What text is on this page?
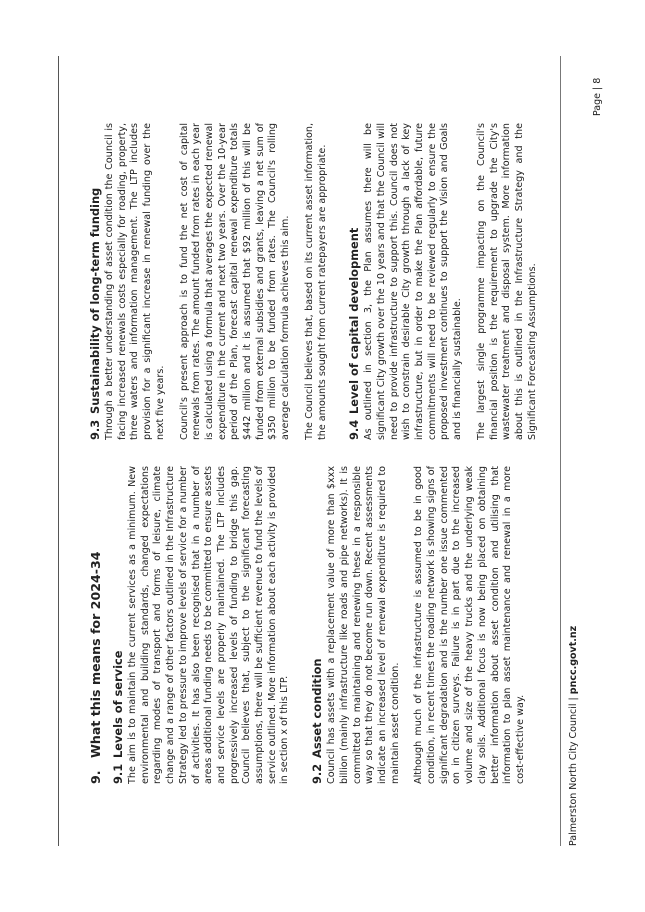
9.What this means for 2024-34
9.1Levels of service The aim is to maintain the current services as a minimum. New environmental and building standards, changed expectations regarding modes of transport and forms of leisure, climate change and a range of other factors outlined in the Infrastructure Strategy led to pressure to improve levels of service for a number of activities. It has also been recognised that in a number of areas additional funding needs to be committed to ensure assets and service levels are properly maintained. The LTP includes progressively increased levels of funding to bridge this gap. Council believes that, subject to the significant forecasting assumptions, there will be sufficient revenue to fund the levels of service outlined. More information about each activity is provided in section x of this LTP. 9.2Asset condition Council has assets with a replacement value of more than $xxx billion (mainly infrastructure like roads and pipe networks). It is committed to maintaining and renewing these in a responsible way so that they do not become run down. Recent assessments indicate an increased level of renewal expenditure is required to maintain asset condition. Although much of the infrastructure is assumed to be in good condition, in recent times the roading network is showing signs of significant degradation and is the number one issue commented on in citizen surveys. Failure is in part due to the increased volume and size of the heavy trucks and the underlying weak clay soils. Additional focus is now being placed on obtaining better information about asset condition and utilising that information to plan asset maintenance and renewal in a more cost-effective way.

9.3Sustainability of long-term funding Through a better understanding of asset condition the Council is facing increased renewals costs especially for roading, property, three waters and information management. The LTP includes provision for a significant increase in renewal funding over the next five years. Council's present approach is to fund the net cost of capital renewals from rates. The amount funded from rates in each year is calculated using a formula that averages the expected renewal expenditure in the current and next two years. Over the 10-year period of the Plan, forecast capital renewal expenditure totals $442 million and it is assumed that $92 million of this will be funded from external subsidies and grants, leaving a net sum of $350 million to be funded from rates. The Council's rolling average calculation formula achieves this aim. The Council believes that, based on its current asset information, the amounts sought from current ratepayers are appropriate. 9.4Level of capital development As outlined in section 3, the Plan assumes there will be significant City growth over the 10 years and that the Council will need to provide infrastructure to support this. Council does not wish to constrain desirable City growth through a lack of key infrastructure, but in order to make the Plan affordable, future commitments will need to be reviewed regularly to ensure the proposed investment continues to support the Vision and Goals and is financially sustainable. The largest single programme impacting on the Council's financial position is the requirement to upgrade the City's wastewater treatment and disposal system. More information about this is outlined in the Infrastructure Strategy and the Significant Forecasting Assumptions.

Palmerston North City Council | pncc.govt.nz
Page | 8
